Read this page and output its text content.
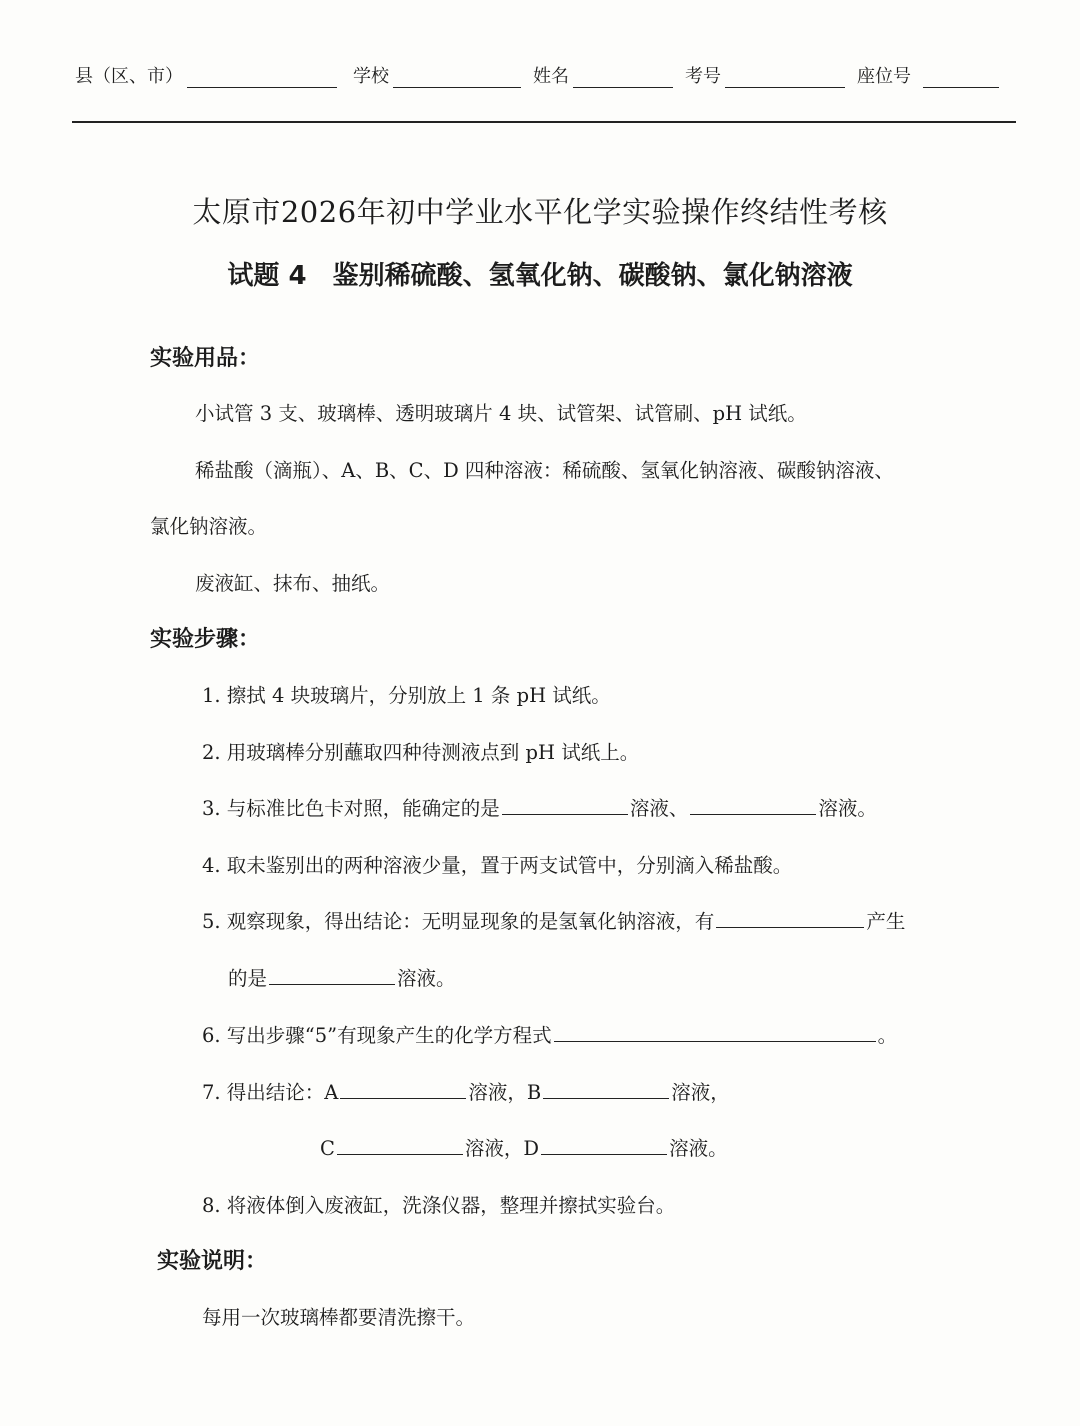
县（区、市）	学校	姓名	考号	座位号
太原市2026年初中学业水平化学实验操作终结性考核
试题 4 鉴别稀硫酸、氢氧化钠、碳酸钠、氯化钠溶液
实验用品：
小试管 3 支、玻璃棒、透明玻璃片 4 块、试管架、试管刷、pH 试纸。
稀盐酸（滴瓶）、A、B、C、D 四种溶液：稀硫酸、氢氧化钠溶液、碳酸钠溶液、
氯化钠溶液。
废液缸、抹布、抽纸。
实验步骤：
1. 擦拭 4 块玻璃片，分别放上 1 条 pH 试纸。
2. 用玻璃棒分别蘸取四种待测液点到 pH 试纸上。
3. 与标准比色卡对照，能确定的是	溶液、	溶液。
4. 取未鉴别出的两种溶液少量，置于两支试管中，分别滴入稀盐酸。
5. 观察现象，得出结论：无明显现象的是氢氧化钠溶液，有	产生
的是	溶液。
6. 写出步骤“5”有现象产生的化学方程式	。
7. 得出结论：A	溶液，B	溶液，
C	溶液，D	溶液。
8. 将液体倒入废液缸，洗涤仪器，整理并擦拭实验台。
实验说明：
每用一次玻璃棒都要清洗擦干。
